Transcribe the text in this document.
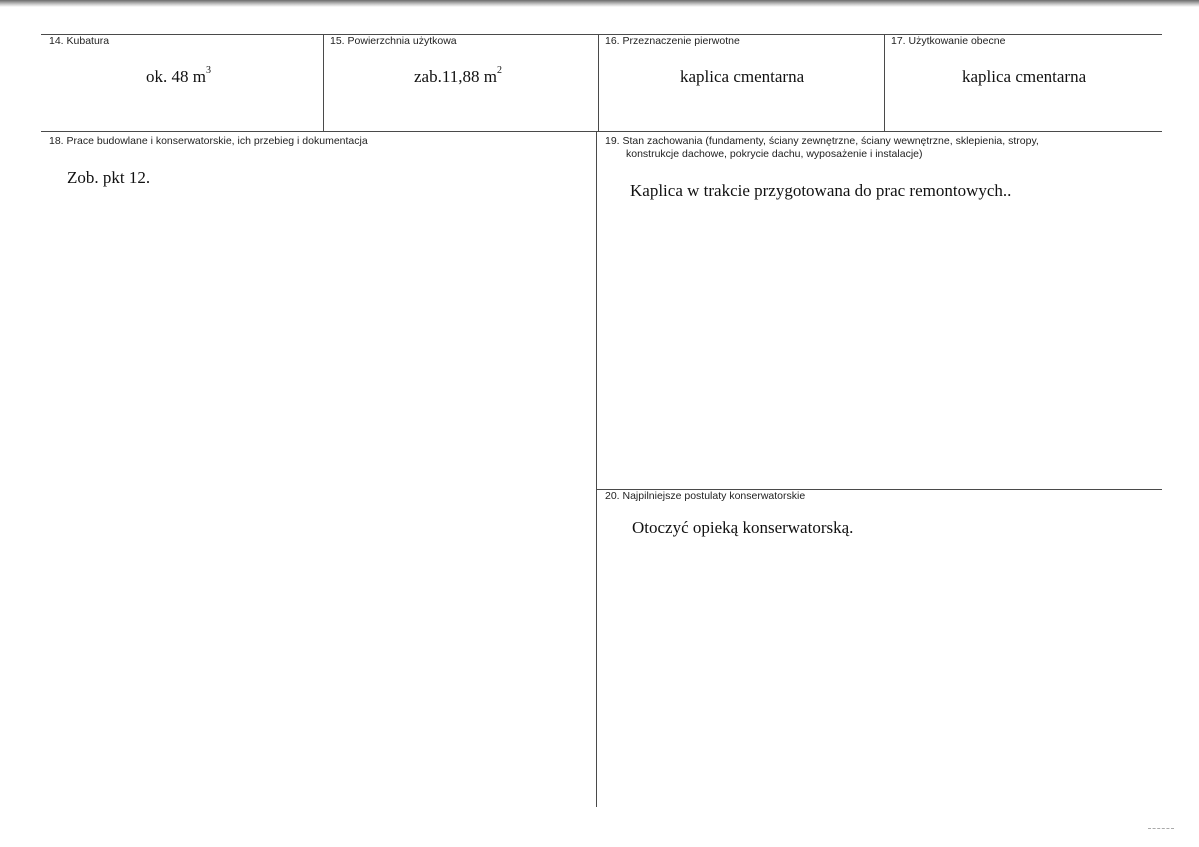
14. Kubatura
ok. 48 $m^3$
15. Powierzchnia użytkowa
zab.11,88 $m^2$
16. Przeznaczenie pierwotne
kaplica cmentarna
17. Użytkowanie obecne
kaplica cmentarna
18. Prace budowlane i konserwatorskie, ich przebieg i dokumentacja
Zob. pkt 12.
19. Stan zachowania (fundamenty, ściany zewnętrzne, ściany wewnętrzne, sklepienia, stropy,
konstrukcje dachowe, pokrycie dachu, wyposażenie i instalacje)
Kaplica w trakcie przygotowana do prac remontowych..
20. Najpilniejsze postulaty konserwatorskie
Otoczyć opieką konserwatorską.
